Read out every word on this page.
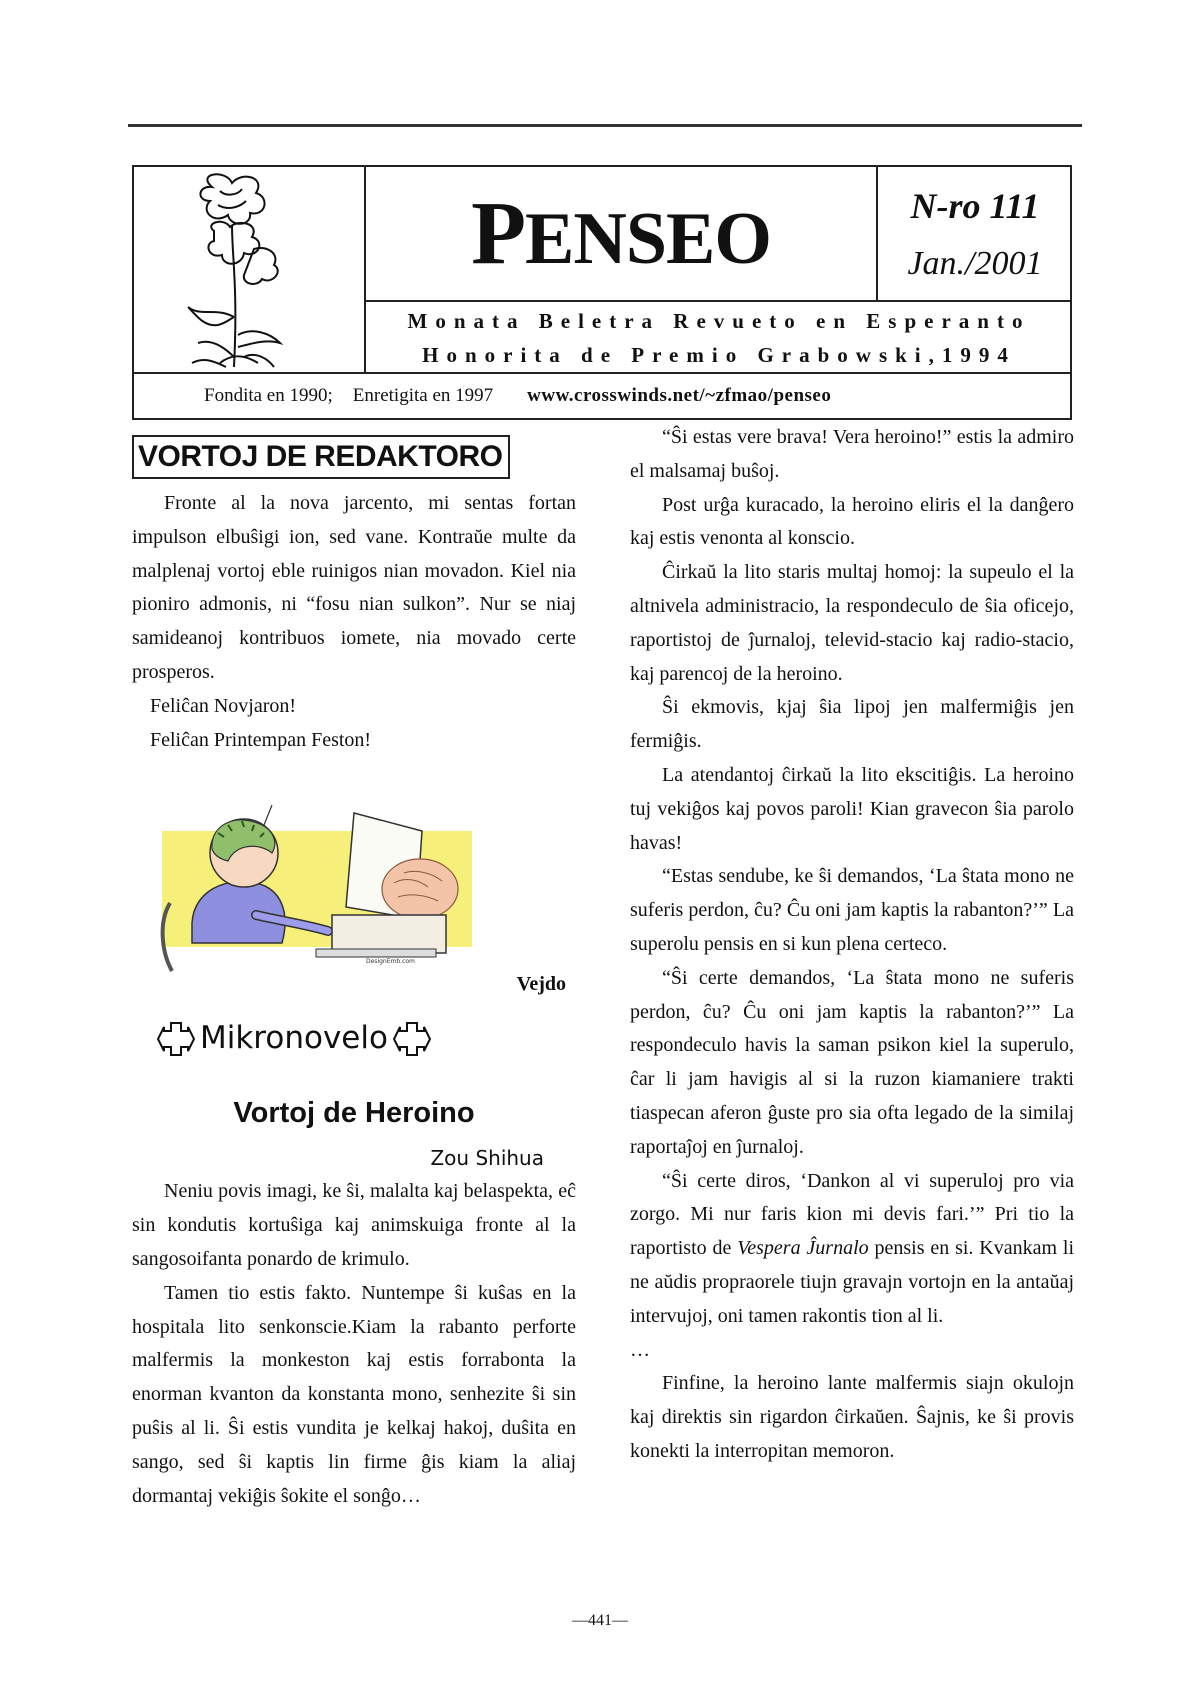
PENSEO	N-ro 111
Jan./2001
Monata Beletra Revueto en Esperanto
Honorita de Premio Grabowski,1994
Fondita en 1990; Enretigita en 1997 www.crosswinds.net/~zfmao/penseo
VORTOJ DE REDAKTORO

Fronte al la nova jarcento, mi sentas fortan impulson elbuŝigi ion, sed vane. Kontraŭe multe da malplenaj vortoj eble ruinigos nian movadon. Kiel nia pioniro admonis, ni “fosu nian sulkon”. Nur se niaj samideanoj kontribuos iomete, nia movado certe prosperos.

Feliĉan Novjaron!

Feliĉan Printempan Feston!

DesignEmb.com
Vejdo
Mikronovelo
Vortoj de Heroino
Zou Shihua

Neniu povis imagi, ke ŝi, malalta kaj belaspekta, eĉ sin kondutis kortuŝiga kaj animskuiga fronte al la sangosoifanta ponardo de krimulo.

Tamen tio estis fakto. Nuntempe ŝi kuŝas en la hospitala lito senkonscie.Kiam la rabanto perforte malfermis la monkeston kaj estis forrabonta la enorman kvanton da konstanta mono, senhezite ŝi sin puŝis al li. Ŝi estis vundita je kelkaj hakoj, duŝita en sango, sed ŝi kaptis lin firme ĝis kiam la aliaj dormantaj vekiĝis ŝokite el sonĝo…

“Ŝi estas vere brava! Vera heroino!” estis la admiro el malsamaj buŝoj.

Post urĝa kuracado, la heroino eliris el la danĝero kaj estis venonta al konscio.

Ĉirkaŭ la lito staris multaj homoj: la supeulo el la altnivela administracio, la respondeculo de ŝia oficejo, raportistoj de ĵurnaloj, televid-stacio kaj radio-stacio, kaj parencoj de la heroino.

Ŝi ekmovis, kjaj ŝia lipoj jen malfermiĝis jen fermiĝis.

La atendantoj ĉirkaŭ la lito ekscitiĝis. La heroino tuj vekiĝos kaj povos paroli! Kian gravecon ŝia parolo havas!

“Estas sendube, ke ŝi demandos, ‘La ŝtata mono ne suferis perdon, ĉu? Ĉu oni jam kaptis la rabanton?’” La superolu pensis en si kun plena certeco.

“Ŝi certe demandos, ‘La ŝtata mono ne suferis perdon, ĉu? Ĉu oni jam kaptis la rabanton?’” La respondeculo havis la saman psikon kiel la superulo, ĉar li jam havigis al si la ruzon kiamaniere trakti tiaspecan aferon ĝuste pro sia ofta legado de la similaj raportaĵoj en ĵurnaloj.

“Ŝi certe diros, ‘Dankon al vi superuloj pro via zorgo. Mi nur faris kion mi devis fari.’” Pri tio la raportisto de Vespera Ĵurnalo pensis en si. Kvankam li ne aŭdis propraorele tiujn gravajn vortojn en la antaŭaj intervujoj, oni tamen rakontis tion al li.

…

Finfine, la heroino lante malfermis siajn okulojn kaj direktis sin rigardon ĉirkaŭen. Ŝajnis, ke ŝi provis konekti la interropitan memoron.

—441—
